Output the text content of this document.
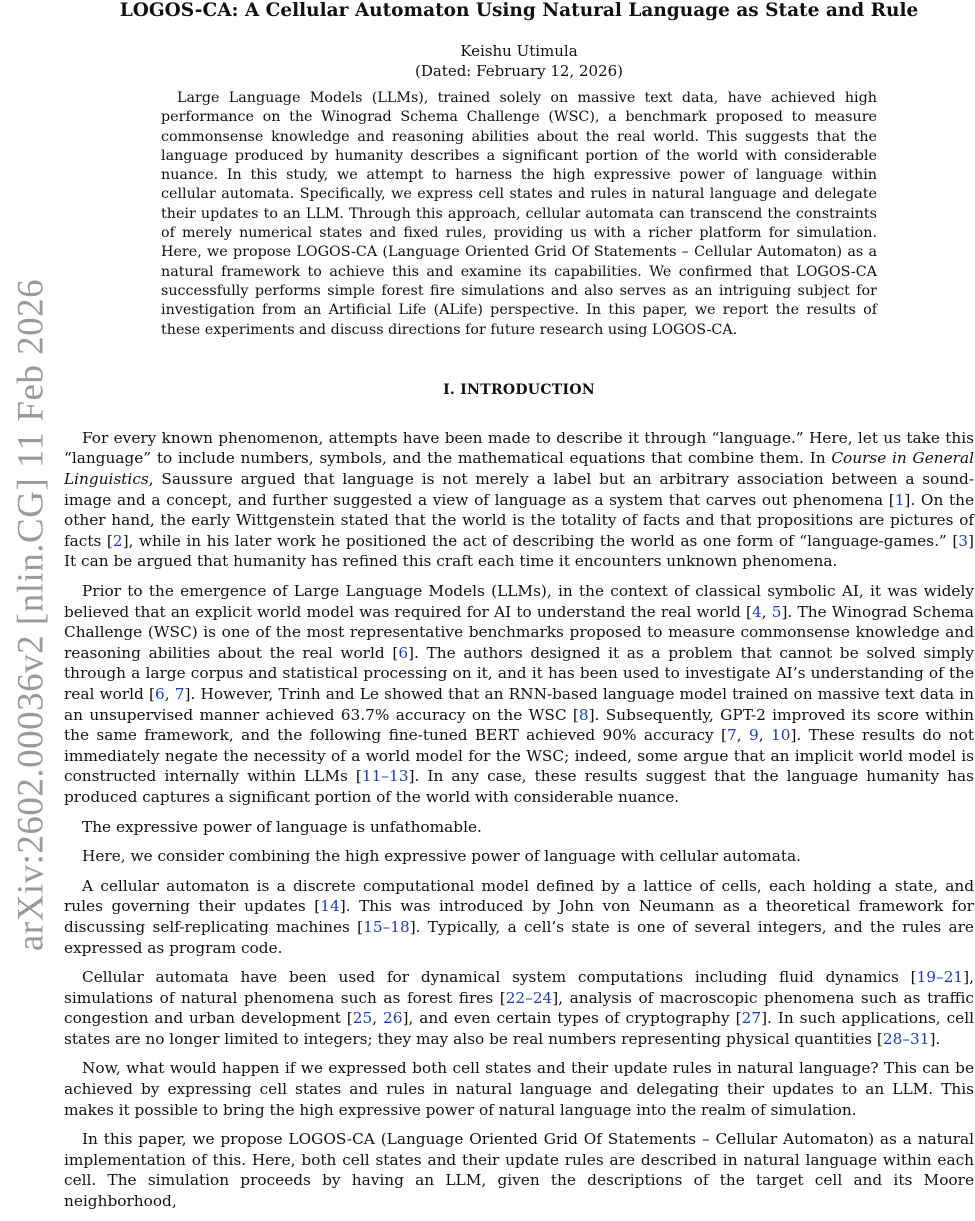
arXiv:2602.00036v2 [nlin.CG] 11 Feb 2026
LOGOS-CA: A Cellular Automaton Using Natural Language as State and Rule
Keishu Utimula
(Dated: February 12, 2026)
Large Language Models (LLMs), trained solely on massive text data, have achieved high performance on the Winograd Schema Challenge (WSC), a benchmark proposed to measure commonsense knowledge and reasoning abilities about the real world. This suggests that the language produced by humanity describes a significant portion of the world with considerable nuance. In this study, we attempt to harness the high expressive power of language within cellular automata. Specifically, we express cell states and rules in natural language and delegate their updates to an LLM. Through this approach, cellular automata can transcend the constraints of merely numerical states and fixed rules, providing us with a richer platform for simulation. Here, we propose LOGOS-CA (Language Oriented Grid Of Statements – Cellular Automaton) as a natural framework to achieve this and examine its capabilities. We confirmed that LOGOS-CA successfully performs simple forest fire simulations and also serves as an intriguing subject for investigation from an Artificial Life (ALife) perspective. In this paper, we report the results of these experiments and discuss directions for future research using LOGOS-CA.
I. INTRODUCTION

For every known phenomenon, attempts have been made to describe it through “language.” Here, let us take this “language” to include numbers, symbols, and the mathematical equations that combine them. In Course in General Linguistics, Saussure argued that language is not merely a label but an arbitrary association between a sound-image and a concept, and further suggested a view of language as a system that carves out phenomena [1]. On the other hand, the early Wittgenstein stated that the world is the totality of facts and that propositions are pictures of facts [2], while in his later work he positioned the act of describing the world as one form of “language-games.” [3] It can be argued that humanity has refined this craft each time it encounters unknown phenomena.

Prior to the emergence of Large Language Models (LLMs), in the context of classical symbolic AI, it was widely believed that an explicit world model was required for AI to understand the real world [4, 5]. The Winograd Schema Challenge (WSC) is one of the most representative benchmarks proposed to measure commonsense knowledge and reasoning abilities about the real world [6]. The authors designed it as a problem that cannot be solved simply through a large corpus and statistical processing on it, and it has been used to investigate AI’s understanding of the real world [6, 7]. However, Trinh and Le showed that an RNN-based language model trained on massive text data in an unsupervised manner achieved 63.7% accuracy on the WSC [8]. Subsequently, GPT-2 improved its score within the same framework, and the following fine-tuned BERT achieved 90% accuracy [7, 9, 10]. These results do not immediately negate the necessity of a world model for the WSC; indeed, some argue that an implicit world model is constructed internally within LLMs [11–13]. In any case, these results suggest that the language humanity has produced captures a significant portion of the world with considerable nuance.

The expressive power of language is unfathomable.

Here, we consider combining the high expressive power of language with cellular automata.

A cellular automaton is a discrete computational model defined by a lattice of cells, each holding a state, and rules governing their updates [14]. This was introduced by John von Neumann as a theoretical framework for discussing self-replicating machines [15–18]. Typically, a cell’s state is one of several integers, and the rules are expressed as program code.

Cellular automata have been used for dynamical system computations including fluid dynamics [19–21], simulations of natural phenomena such as forest fires [22–24], analysis of macroscopic phenomena such as traffic congestion and urban development [25, 26], and even certain types of cryptography [27]. In such applications, cell states are no longer limited to integers; they may also be real numbers representing physical quantities [28–31].

Now, what would happen if we expressed both cell states and their update rules in natural language? This can be achieved by expressing cell states and rules in natural language and delegating their updates to an LLM. This makes it possible to bring the high expressive power of natural language into the realm of simulation.

In this paper, we propose LOGOS-CA (Language Oriented Grid Of Statements – Cellular Automaton) as a natural implementation of this. Here, both cell states and their update rules are described in natural language within each cell. The simulation proceeds by having an LLM, given the descriptions of the target cell and its Moore neighborhood,
